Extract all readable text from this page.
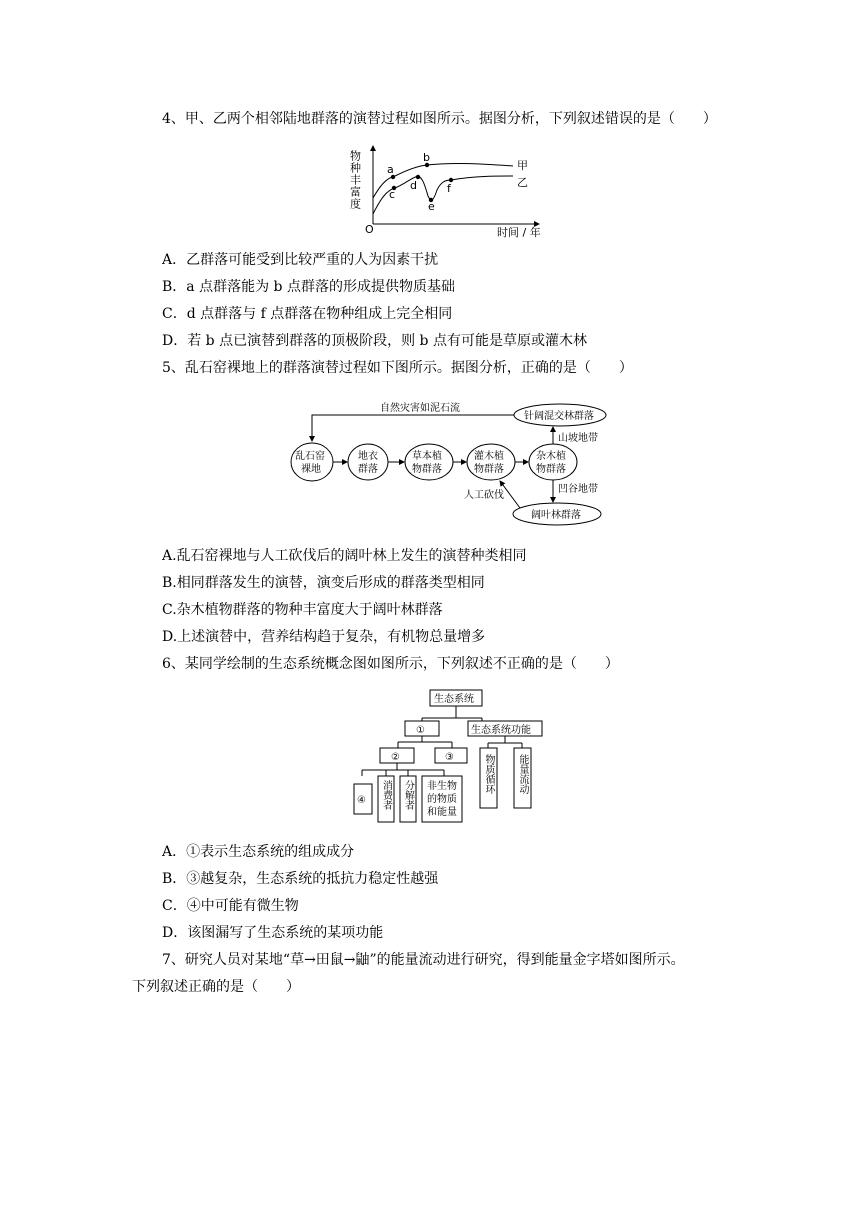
4、甲、乙两个相邻陆地群落的演替过程如图所示。据图分析，下列叙述错误的是（　　）
物种丰富度
O	时间 / 年
a
b
c
d
e
f
甲
乙
A．乙群落可能受到比较严重的人为因素干扰
B．a 点群落能为 b 点群落的形成提供物质基础
C．d 点群落与 f 点群落在物种组成上完全相同
D．若 b 点已演替到群落的顶极阶段，则 b 点有可能是草原或灌木林
5、乱石窑裸地上的群落演替过程如下图所示。据图分析，正确的是（　　）
乱石窑
裸地
地衣
群落
草本植
物群落
灌木植
物群落
杂木植
物群落
针阔混交林群落
阔叶林群落
山坡地带
凹谷地带
人工砍伐
自然灾害如泥石流
A.乱石窑裸地与人工砍伐后的阔叶林上发生的演替种类相同
B.相同群落发生的演替，演变后形成的群落类型相同
C.杂木植物群落的物种丰富度大于阔叶林群落
D.上述演替中，营养结构趋于复杂，有机物总量增多
6、某同学绘制的生态系统概念图如图所示，下列叙述不正确的是（　　）
生态系统
①	生态系统功能
②	③
④ 消费者 分解者 非生物
的物质
和能量
物质循环 能量流动
A．①表示生态系统的组成成分
B．③越复杂，生态系统的抵抗力稳定性越强
C．④中可能有微生物
D．该图漏写了生态系统的某项功能
7、研究人员对某地“草→田鼠→鼬”的能量流动进行研究，得到能量金字塔如图所示。
下列叙述正确的是（　　）
